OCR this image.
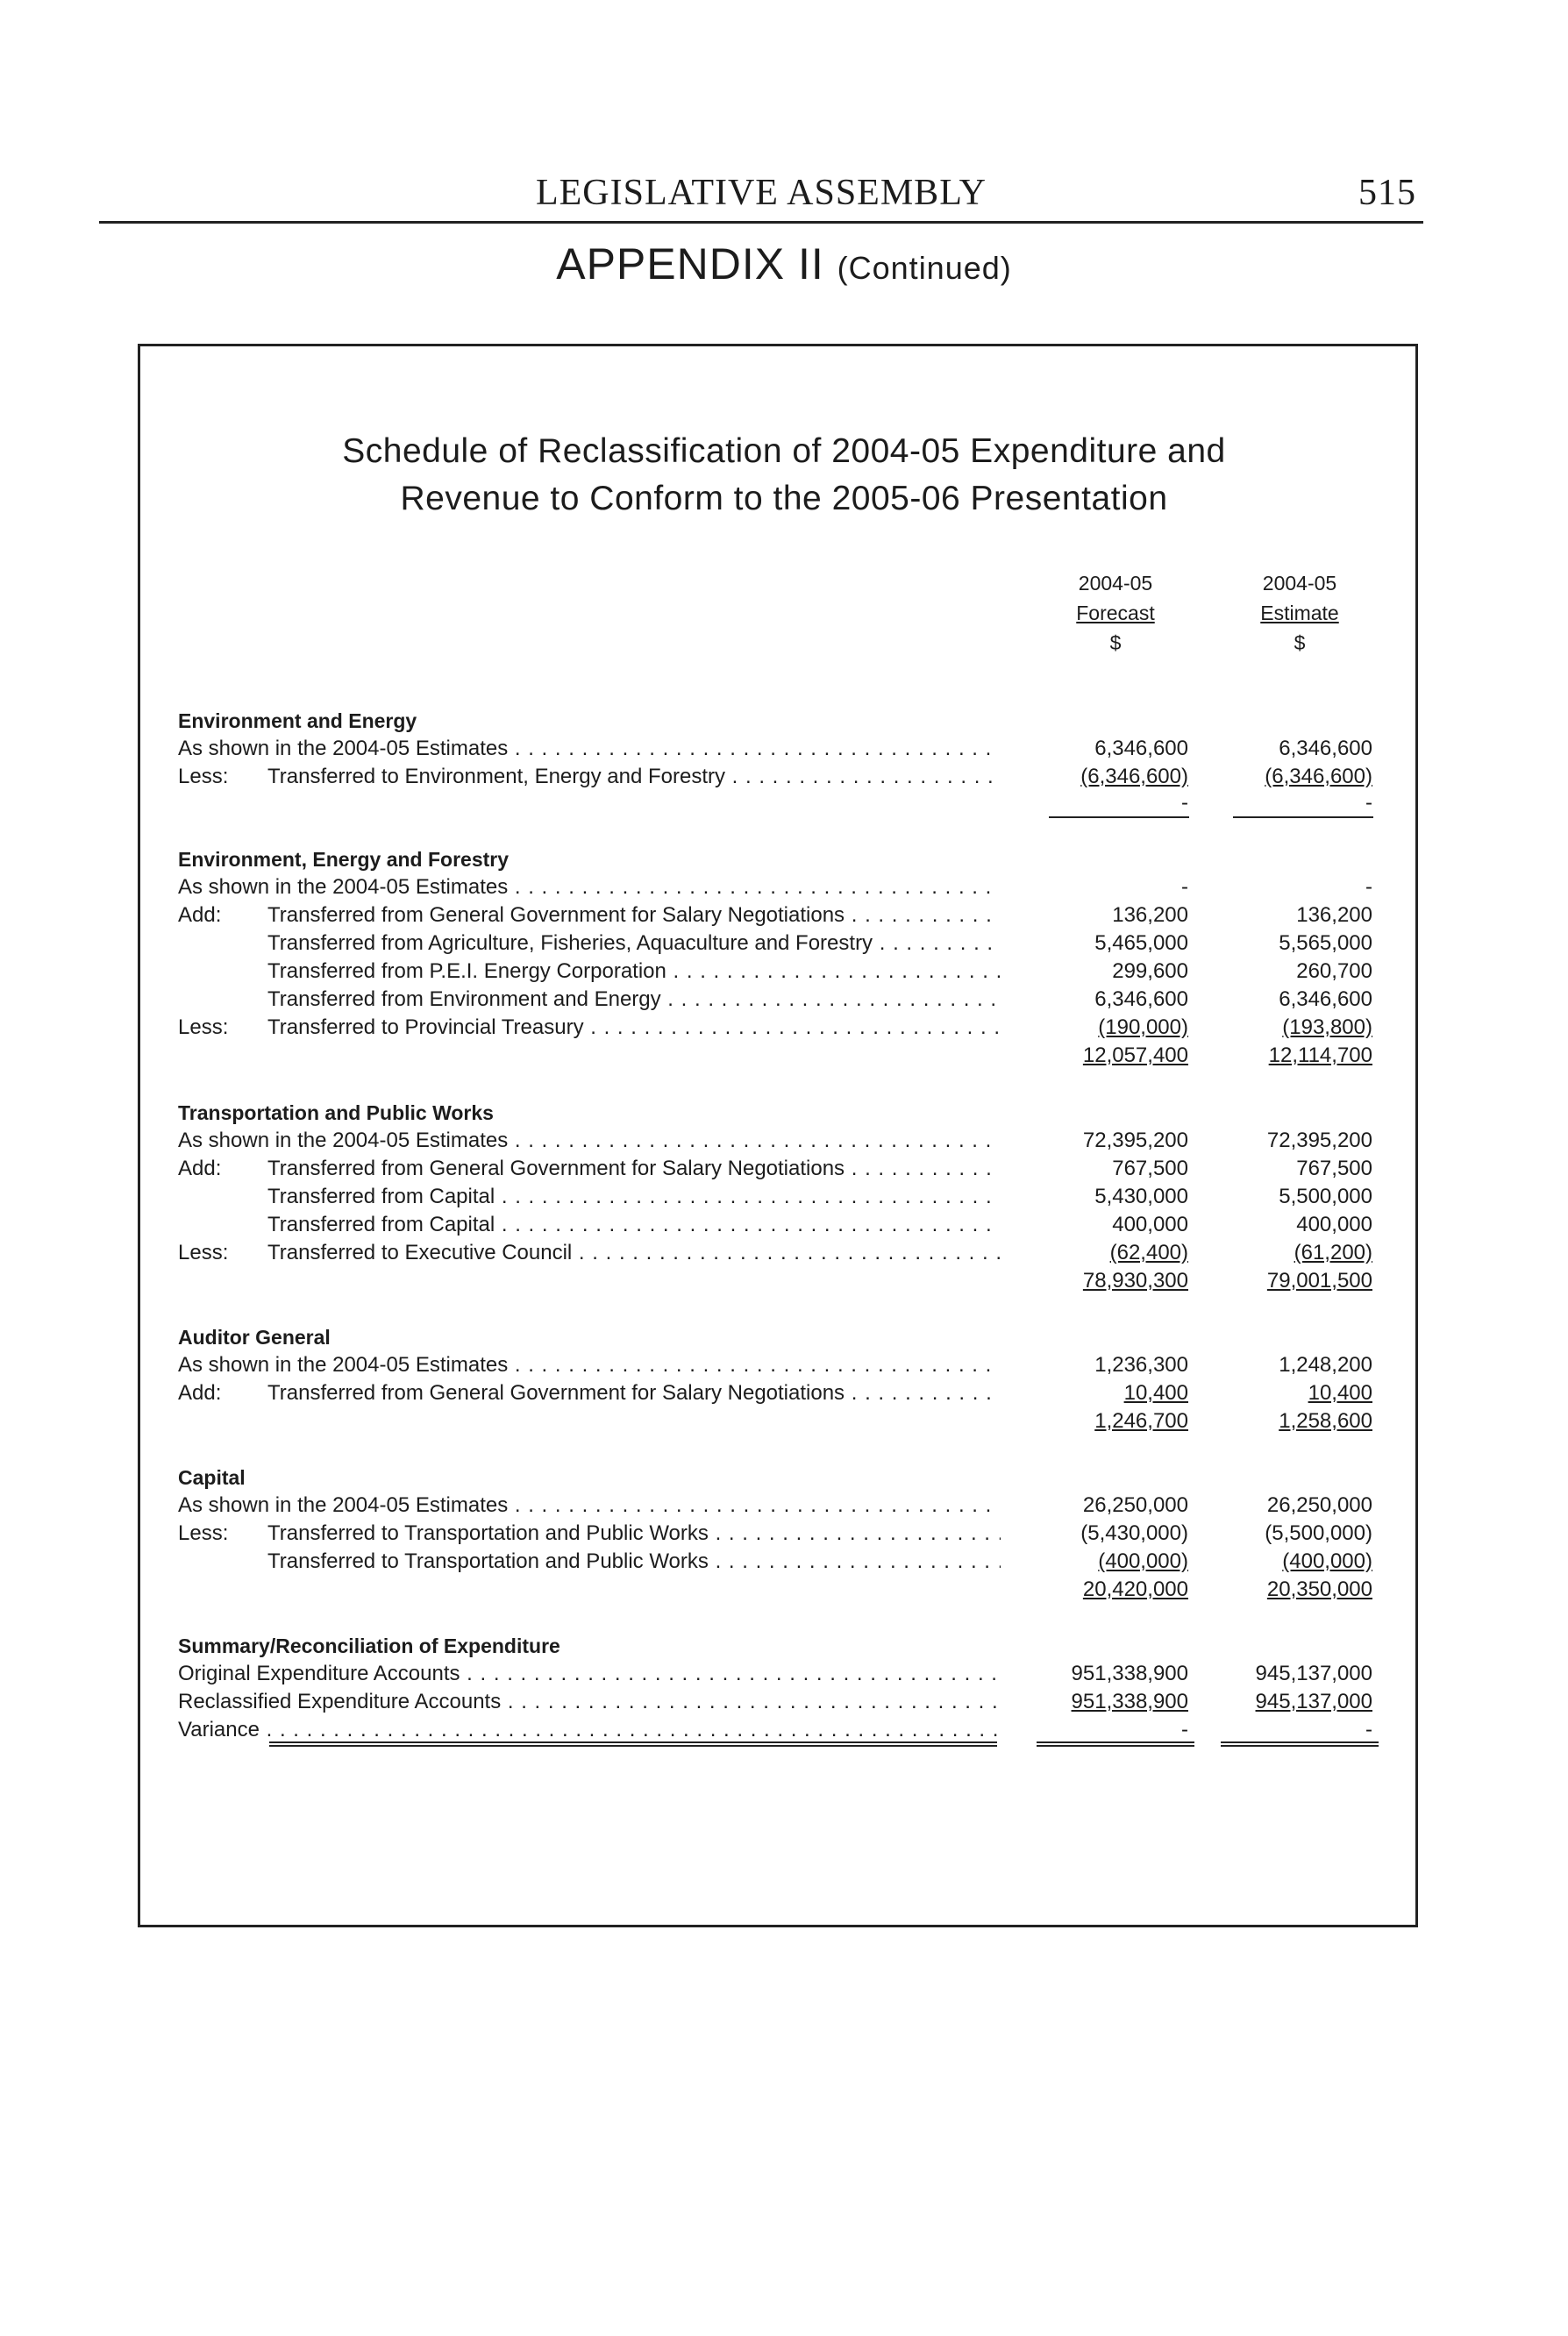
LEGISLATIVE ASSEMBLY	515
APPENDIX II (Continued)
Schedule of Reclassification of 2004-05 Expenditure and
Revenue to Conform to the 2005-06 Presentation
2004-05
Forecast
$
2004-05
Estimate
$
Environment and Energy
As shown in the 2004-05 Estimates . . .	6,346,600	6,346,600
Less: Transferred to Environment, Energy and Forestry . . .	(6,346,600)	(6,346,600)
-	-
Environment, Energy and Forestry
As shown in the 2004-05 Estimates . . .	-	-
Add: Transferred from General Government for Salary Negotiations . . .	136,200	136,200
Transferred from Agriculture, Fisheries, Aquaculture and Forestry . . .	5,465,000	5,565,000
Transferred from P.E.I. Energy Corporation . . .	299,600	260,700
Transferred from Environment and Energy . . .	6,346,600	6,346,600
Less: Transferred to Provincial Treasury . . .	(190,000)	(193,800)
12,057,400	12,114,700
Transportation and Public Works
As shown in the 2004-05 Estimates . . .	72,395,200	72,395,200
Add: Transferred from General Government for Salary Negotiations . . .	767,500	767,500
Transferred from Capital . . .	5,430,000	5,500,000
Transferred from Capital . . .	400,000	400,000
Less: Transferred to Executive Council . . .	(62,400)	(61,200)
78,930,300	79,001,500
Auditor General
As shown in the 2004-05 Estimates . . .	1,236,300	1,248,200
Add: Transferred from General Government for Salary Negotiations . . .	10,400	10,400
1,246,700	1,258,600
Capital
As shown in the 2004-05 Estimates . . .	26,250,000	26,250,000
Less: Transferred to Transportation and Public Works . . .	(5,430,000)	(5,500,000)
Transferred to Transportation and Public Works . . .	(400,000)	(400,000)
20,420,000	20,350,000
Summary/Reconciliation of Expenditure
Original Expenditure Accounts . . .	951,338,900	945,137,000
Reclassified Expenditure Accounts . . .	951,338,900	945,137,000
Variance . . .	-	-
